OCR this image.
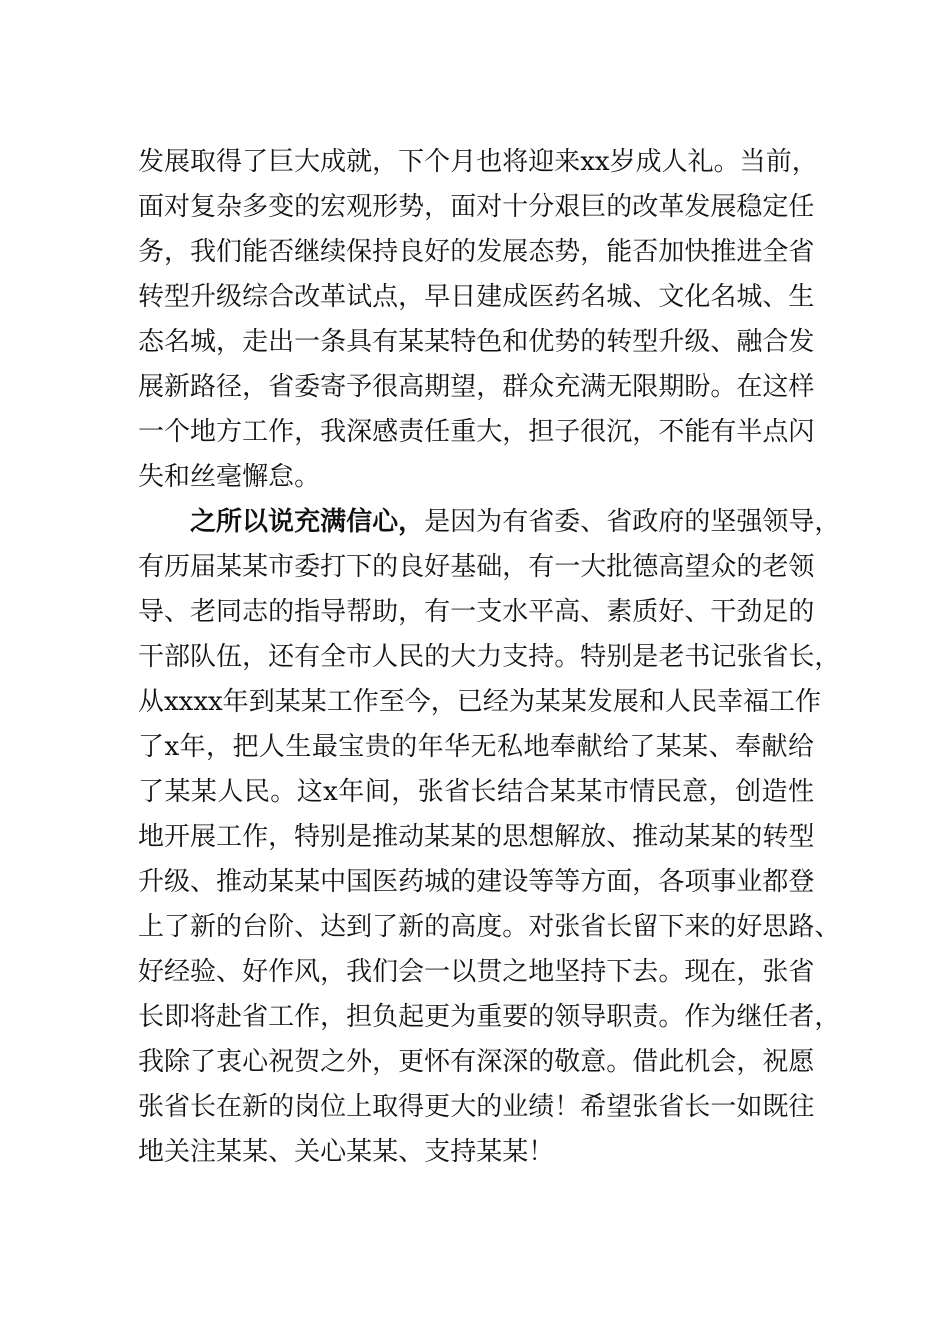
发 展 取 得 了 巨 大 成 就 ， 下 个 月 也 将 迎 来 xx 岁 成 人 礼 。 当 前 ，
面 对 复 杂 多 变 的 宏 观 形 势 ， 面 对 十 分 艰 巨 的 改 革 发 展 稳 定 任
务 ， 我 们 能 否 继 续 保 持 良 好 的 发 展 态 势 ， 能 否 加 快 推 进 全 省
转 型 升 级 综 合 改 革 试 点 ， 早 日 建 成 医 药 名 城 、 文 化 名 城 、 生
态 名 城 ， 走 出 一 条 具 有 某 某 特 色 和 优 势 的 转 型 升 级 、 融 合 发
展 新 路 径 ， 省 委 寄 予 很 高 期 望 ， 群 众 充 满 无 限 期 盼 。 在 这 样
一 个 地 方 工 作 ， 我 深 感 责 任 重 大 ， 担 子 很 沉 ， 不 能 有 半 点 闪
失 和 丝 毫 懈 怠 。
之 所 以 说 充 满 信 心 ， 是 因 为 有 省 委 、 省 政 府 的 坚 强 领 导 ，
有 历 届 某 某 市 委 打 下 的 良 好 基 础 ， 有 一 大 批 德 高 望 众 的 老 领
导 、 老 同 志 的 指 导 帮 助 ， 有 一 支 水 平 高 、 素 质 好 、 干 劲 足 的
干 部 队 伍 ， 还 有 全 市 人 民 的 大 力 支 持 。 特 别 是 老 书 记 张 省 长 ，
从 xxxx 年 到 某 某 工 作 至 今 ， 已 经 为 某 某 发 展 和 人 民 幸 福 工 作
了 x 年 ， 把 人 生 最 宝 贵 的 年 华 无 私 地 奉 献 给 了 某 某 、 奉 献 给
了 某 某 人 民 。 这 x 年 间 ， 张 省 长 结 合 某 某 市 情 民 意 ， 创 造 性
地 开 展 工 作 ， 特 别 是 推 动 某 某 的 思 想 解 放 、 推 动 某 某 的 转 型
升 级 、 推 动 某 某 中 国 医 药 城 的 建 设 等 等 方 面 ， 各 项 事 业 都 登
上 了 新 的 台 阶 、 达 到 了 新 的 高 度 。 对 张 省 长 留 下 来 的 好 思 路 、
好 经 验 、 好 作 风 ， 我 们 会 一 以 贯 之 地 坚 持 下 去 。 现 在 ， 张 省
长 即 将 赴 省 工 作 ， 担 负 起 更 为 重 要 的 领 导 职 责 。 作 为 继 任 者 ，
我 除 了 衷 心 祝 贺 之 外 ， 更 怀 有 深 深 的 敬 意 。 借 此 机 会 ， 祝 愿
张 省 长 在 新 的 岗 位 上 取 得 更 大 的 业 绩 ！ 希 望 张 省 长 一 如 既 往
地 关 注 某 某 、 关 心 某 某 、 支 持 某 某 ！
